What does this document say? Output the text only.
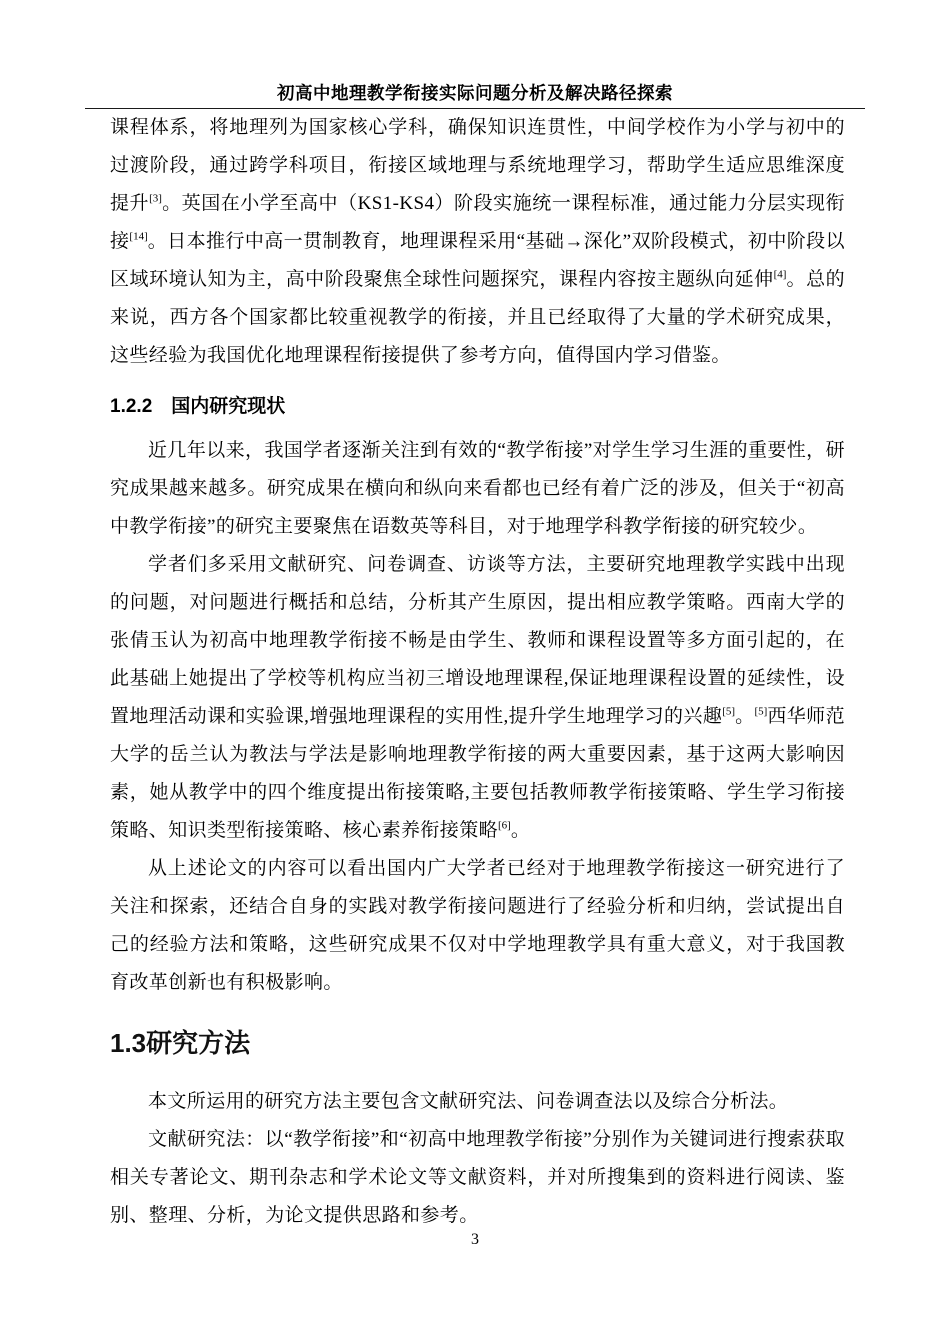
初高中地理教学衔接实际问题分析及解决路径探索

课程体系，将地理列为国家核心学科，确保知识连贯性，中间学校作为小学与初中的过渡阶段，通过跨学科项目，衔接区域地理与系统地理学习，帮助学生适应思维深度提升[3]。英国在小学至高中（KS1-KS4）阶段实施统一课程标准，通过能力分层实现衔接[14]。日本推行中高一贯制教育，地理课程采用“基础→深化”双阶段模式，初中阶段以区域环境认知为主，高中阶段聚焦全球性问题探究，课程内容按主题纵向延伸[4]。总的来说，西方各个国家都比较重视教学的衔接，并且已经取得了大量的学术研究成果，这些经验为我国优化地理课程衔接提供了参考方向，值得国内学习借鉴。

1.2.2　国内研究现状

近几年以来，我国学者逐渐关注到有效的“教学衔接”对学生学习生涯的重要性，研究成果越来越多。研究成果在横向和纵向来看都也已经有着广泛的涉及，但关于“初高中教学衔接”的研究主要聚焦在语数英等科目，对于地理学科教学衔接的研究较少。

学者们多采用文献研究、问卷调查、访谈等方法，主要研究地理教学实践中出现的问题，对问题进行概括和总结，分析其产生原因，提出相应教学策略。西南大学的张倩玉认为初高中地理教学衔接不畅是由学生、教师和课程设置等多方面引起的，在此基础上她提出了学校等机构应当初三增设地理课程,保证地理课程设置的延续性，设置地理活动课和实验课,增强地理课程的实用性,提升学生地理学习的兴趣[5]。[5]西华师范大学的岳兰认为教法与学法是影响地理教学衔接的两大重要因素，基于这两大影响因素，她从教学中的四个维度提出衔接策略,主要包括教师教学衔接策略、学生学习衔接策略、知识类型衔接策略、核心素养衔接策略[6]。

从上述论文的内容可以看出国内广大学者已经对于地理教学衔接这一研究进行了关注和探索，还结合自身的实践对教学衔接问题进行了经验分析和归纳，尝试提出自己的经验方法和策略，这些研究成果不仅对中学地理教学具有重大意义，对于我国教育改革创新也有积极影响。

1.3研究方法

本文所运用的研究方法主要包含文献研究法、问卷调查法以及综合分析法。

文献研究法：以“教学衔接”和“初高中地理教学衔接”分别作为关键词进行搜索获取相关专著论文、期刊杂志和学术论文等文献资料，并对所搜集到的资料进行阅读、鉴别、整理、分析，为论文提供思路和参考。

3
